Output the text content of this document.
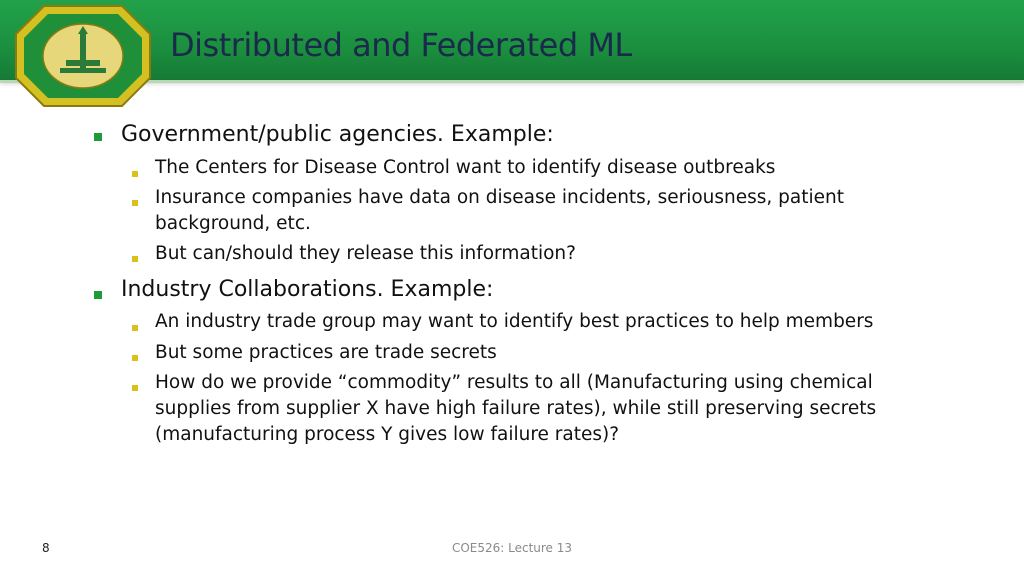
Distributed and Federated ML
Government/public agencies. Example:
The Centers for Disease Control want to identify disease outbreaks
Insurance companies have data on disease incidents, seriousness, patient
background, etc.
But can/should they release this information?
Industry Collaborations. Example:
An industry trade group may want to identify best practices to help members
But some practices are trade secrets
How do we provide “commodity” results to all (Manufacturing using chemical
supplies from supplier X have high failure rates), while still preserving secrets
(manufacturing process Y gives low failure rates)?
8	COE526: Lecture 13
